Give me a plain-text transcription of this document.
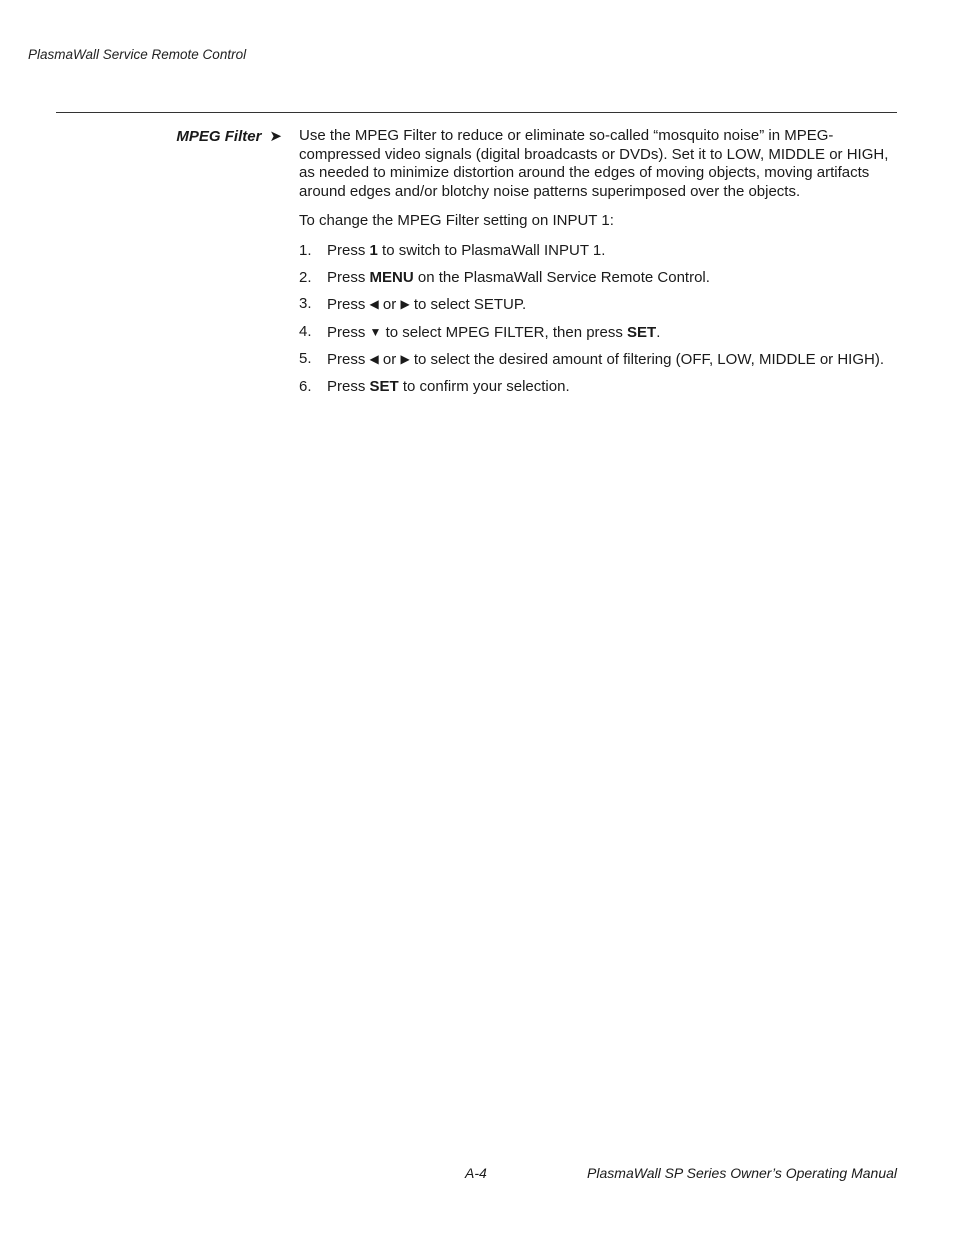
PlasmaWall Service Remote Control
MPEG Filter ➤ Use the MPEG Filter to reduce or eliminate so-called “mosquito noise” in MPEG-compressed video signals (digital broadcasts or DVDs). Set it to LOW, MIDDLE or HIGH, as needed to minimize distortion around the edges of moving objects, moving artifacts around edges and/or blotchy noise patterns superimposed over the objects.

To change the MPEG Filter setting on INPUT 1:

1. Press 1 to switch to PlasmaWall INPUT 1.
2. Press MENU on the PlasmaWall Service Remote Control.
3. Press ◀ or ▶ to select SETUP.
4. Press ▼ to select MPEG FILTER, then press SET.
5. Press ◀ or ▶ to select the desired amount of filtering (OFF, LOW, MIDDLE or HIGH).
6. Press SET to confirm your selection.
A-4	PlasmaWall SP Series Owner’s Operating Manual
